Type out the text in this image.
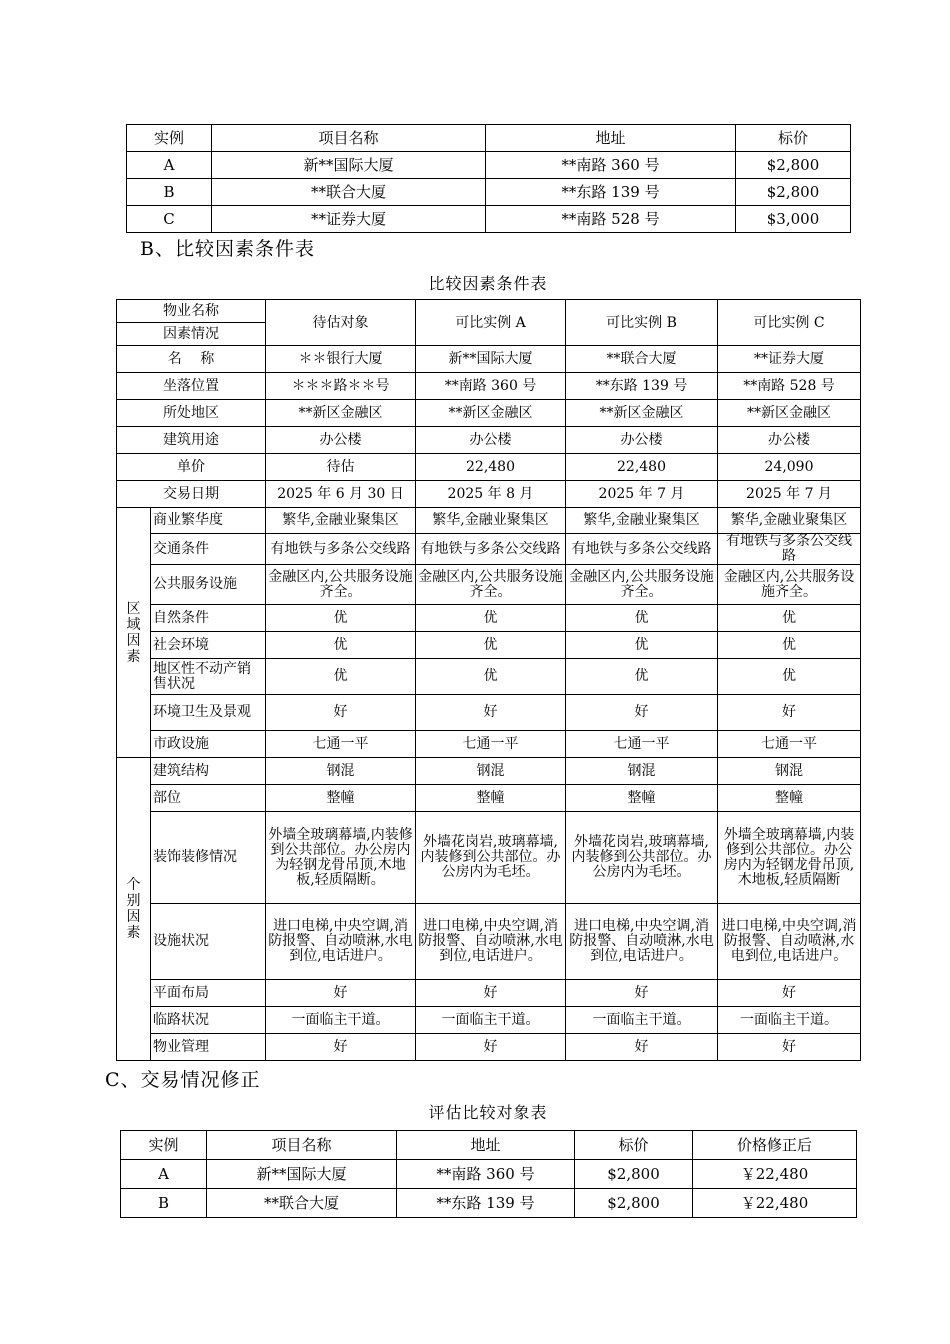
实例	项目名称	地址	标价
A	新**国际大厦	**南路 360 号	$2,800
B	**联合大厦	**东路 139 号	$2,800
C	**证券大厦	**南路 528 号	$3,000
B、比较因素条件表
比较因素条件表
物业名称		待估对象	可比实例 A	可比实例 B	可比实例 C
因素情况					
名　 称		＊＊银行大厦	新**国际大厦	**联合大厦	**证券大厦
坐落位置		＊＊＊路＊＊号	**南路 360 号	**东路 139 号	**南路 528 号
所处地区		**新区金融区	**新区金融区	**新区金融区	**新区金融区
建筑用途		办公楼	办公楼	办公楼	办公楼
单价		待估	22,480	22,480	24,090
交易日期		2025 年 6 月 30 日	2025 年 8 月	2025 年 7 月	2025 年 7 月
区域因素	商业繁华度	繁华,金融业聚集区	繁华,金融业聚集区	繁华,金融业聚集区	繁华,金融业聚集区
	交通条件	有地铁与多条公交线路	有地铁与多条公交线路	有地铁与多条公交线路	有地铁与多条公交线路
	公共服务设施	金融区内,公共服务设施齐全。	金融区内,公共服务设施齐全。	金融区内,公共服务设施齐全。	金融区内,公共服务设施齐全。
	自然条件	优	优	优	优
	社会环境	优	优	优	优
	地区性不动产销售状况	优	优	优	优
	环境卫生及景观	好	好	好	好
	市政设施	七通一平	七通一平	七通一平	七通一平
个别因素	建筑结构	钢混	钢混	钢混	钢混
	部位	整幢	整幢	整幢	整幢
	装饰装修情况	外墙全玻璃幕墙,内装修到公共部位。办公房内为轻钢龙骨吊顶,木地板,轻质隔断。	外墙花岗岩,玻璃幕墙,内装修到公共部位。办公房内为毛坯。	外墙花岗岩,玻璃幕墙,内装修到公共部位。办公房内为毛坯。	外墙全玻璃幕墙,内装修到公共部位。办公房内为轻钢龙骨吊顶,木地板,轻质隔断
	设施状况	进口电梯,中央空调,消防报警、自动喷淋,水电到位,电话进户。	进口电梯,中央空调,消防报警、自动喷淋,水电到位,电话进户。	进口电梯,中央空调,消防报警、自动喷淋,水电到位,电话进户。	进口电梯,中央空调,消防报警、自动喷淋,水电到位,电话进户。
	平面布局	好	好	好	好
	临路状况	一面临主干道。	一面临主干道。	一面临主干道。	一面临主干道。
	物业管理	好	好	好	好
C、交易情况修正
评估比较对象表
实例	项目名称	地址	标价	价格修正后
A	新**国际大厦	**南路 360 号	$2,800	￥22,480
B	**联合大厦	**东路 139 号	$2,800	￥22,480
